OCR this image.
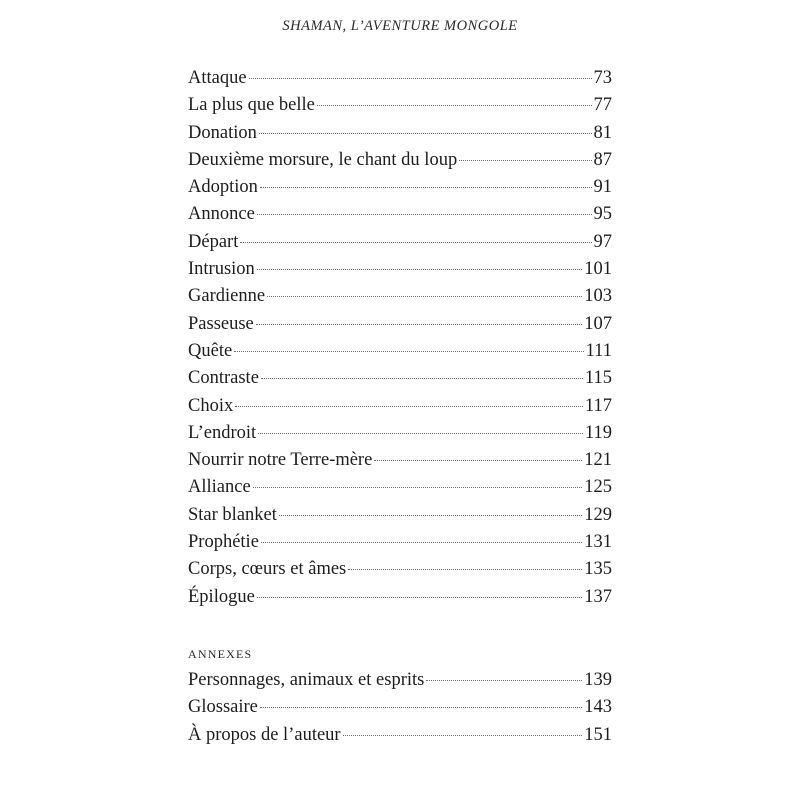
SHAMAN, L’AVENTURE MONGOLE
Attaque	73
La plus que belle	77
Donation	81
Deuxième morsure, le chant du loup	87
Adoption	91
Annonce	95
Départ	97
Intrusion	101
Gardienne	103
Passeuse	107
Quête	111
Contraste	115
Choix	117
L’endroit	119
Nourrir notre Terre-mère	121
Alliance	125
Star blanket	129
Prophétie	131
Corps, cœurs et âmes	135
Épilogue	137
ANNEXES
Personnages, animaux et esprits	139
Glossaire	143
À propos de l’auteur	151
